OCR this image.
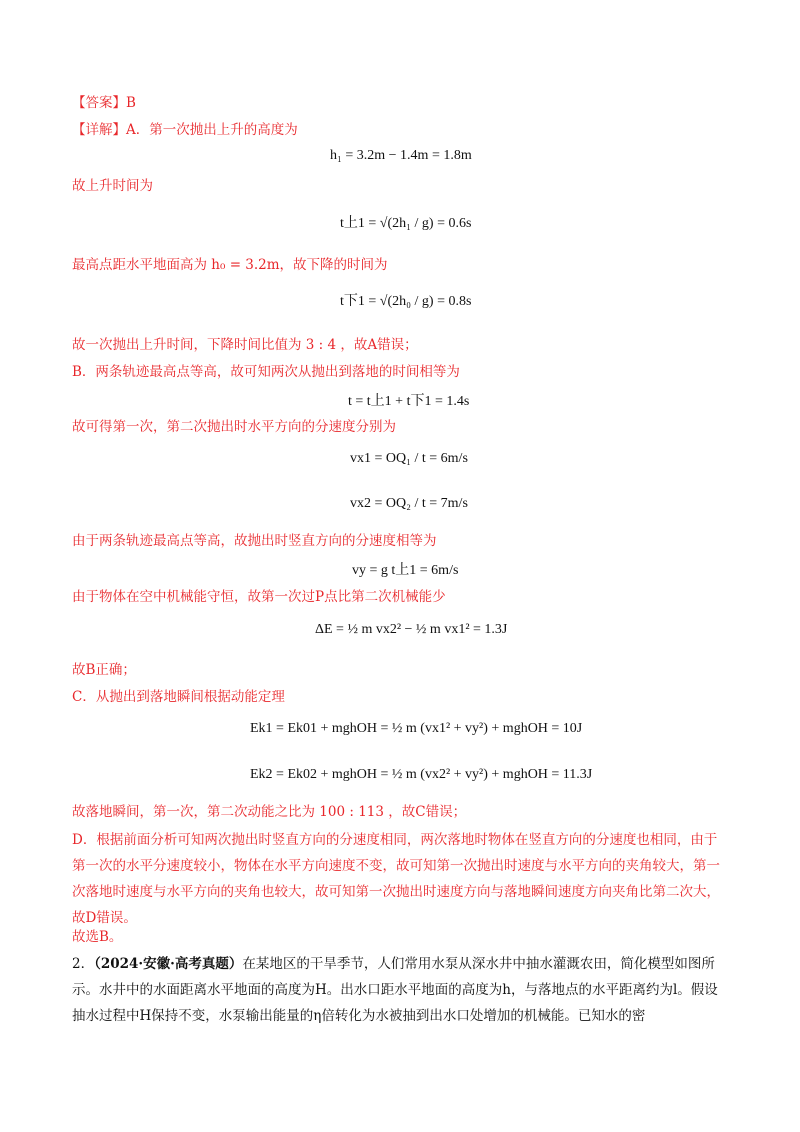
【答案】B
【详解】A．第一次抛出上升的高度为
h₁ = 3.2m − 1.4m = 1.8m
故上升时间为
t上1 = √(2h₁ / g) = 0.6s
最高点距水平地面高为 h₀ = 3.2m，故下降的时间为
t下1 = √(2h₀ / g) = 0.8s
故一次抛出上升时间，下降时间比值为 3 : 4 ，故A错误；
B．两条轨迹最高点等高，故可知两次从抛出到落地的时间相等为
t = t上1 + t下1 = 1.4s
故可得第一次，第二次抛出时水平方向的分速度分别为
vx1 = OQ₁ / t = 6m/s
vx2 = OQ₂ / t = 7m/s
由于两条轨迹最高点等高，故抛出时竖直方向的分速度相等为
vy = g t上1 = 6m/s
由于物体在空中机械能守恒，故第一次过P点比第二次机械能少
ΔE = ½ m vx2² − ½ m vx1² = 1.3J
故B正确；
C．从抛出到落地瞬间根据动能定理
Ek1 = Ek01 + mghOH = ½ m (vx1² + vy²) + mghOH = 10J
Ek2 = Ek02 + mghOH = ½ m (vx2² + vy²) + mghOH = 11.3J
故落地瞬间，第一次，第二次动能之比为 100 : 113 ，故C错误；
D．根据前面分析可知两次抛出时竖直方向的分速度相同，两次落地时物体在竖直方向的分速度也相同，由于第一次的水平分速度较小，物体在水平方向速度不变，故可知第一次抛出时速度与水平方向的夹角较大，第一次落地时速度与水平方向的夹角也较大，故可知第一次抛出时速度方向与落地瞬间速度方向夹角比第二次大，故D错误。
故选B。
2．（2024·安徽·高考真题）在某地区的干旱季节，人们常用水泵从深水井中抽水灌溉农田，简化模型如图所示。水井中的水面距离水平地面的高度为H。出水口距水平地面的高度为h，与落地点的水平距离约为l。假设抽水过程中H保持不变，水泵输出能量的η倍转化为水被抽到出水口处增加的机械能。已知水的密
